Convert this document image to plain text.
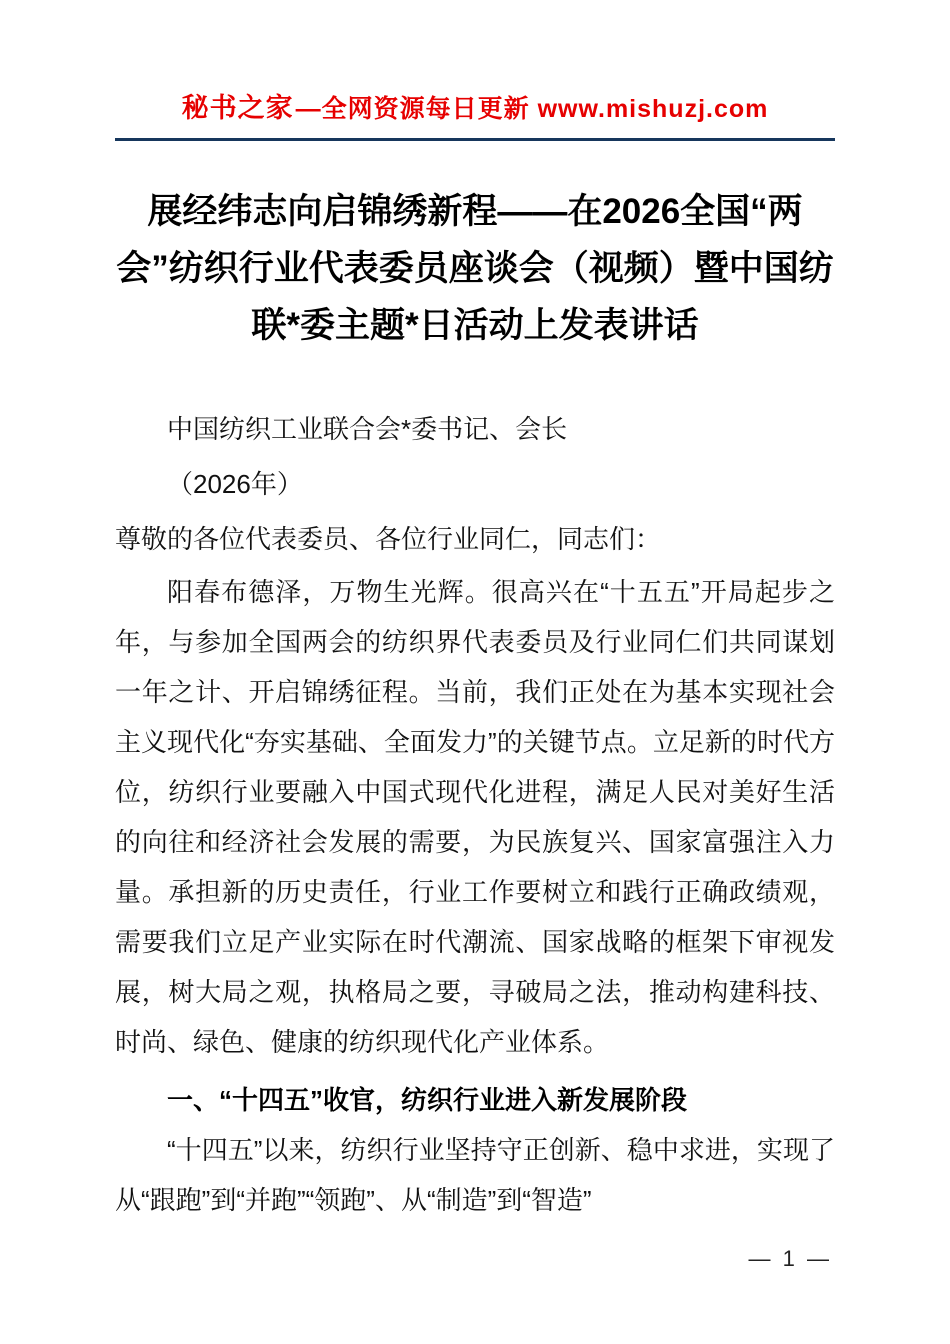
秘书之家—全网资源每日更新 www.mishuzj.com
展经纬志向启锦绣新程——在2026全国“两会”纺织行业代表委员座谈会（视频）暨中国纺联*委主题*日活动上发表讲话
中国纺织工业联合会*委书记、会长
（2026年）
尊敬的各位代表委员、各位行业同仁，同志们：

阳春布德泽，万物生光辉。很高兴在“十五五”开局起步之年，与参加全国两会的纺织界代表委员及行业同仁们共同谋划一年之计、开启锦绣征程。当前，我们正处在为基本实现社会主义现代化“夯实基础、全面发力”的关键节点。立足新的时代方位，纺织行业要融入中国式现代化进程，满足人民对美好生活的向往和经济社会发展的需要，为民族复兴、国家富强注入力量。承担新的历史责任，行业工作要树立和践行正确政绩观，需要我们立足产业实际在时代潮流、国家战略的框架下审视发展，树大局之观，执格局之要，寻破局之法，推动构建科技、时尚、绿色、健康的纺织现代化产业体系。

一、“十四五”收官，纺织行业进入新发展阶段

“十四五”以来，纺织行业坚持守正创新、稳中求进，实现了从“跟跑”到“并跑”“领跑”、从“制造”到“智造”

— 1 —
